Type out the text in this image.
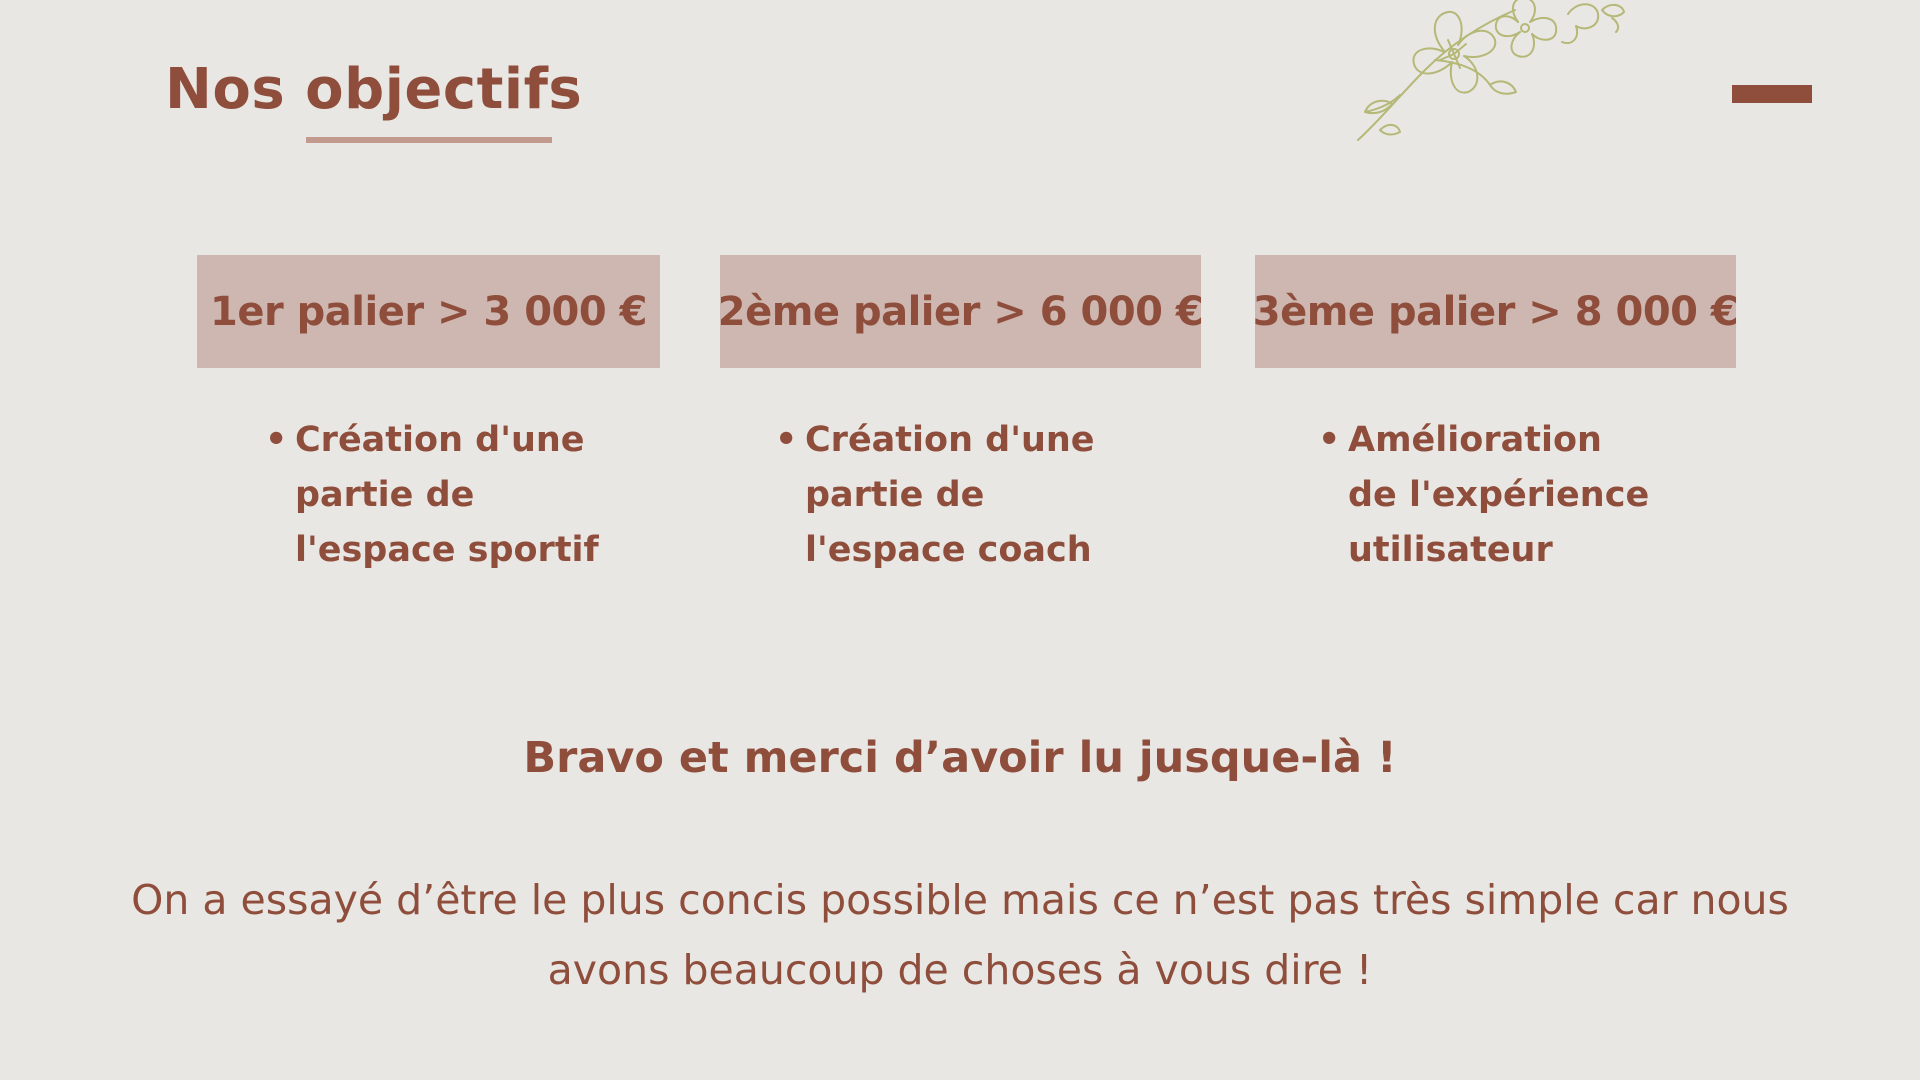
Nos objectifs
1er palier > 3 000 € 2ème palier > 6 000 € 3ème palier > 8 000 €
• Création d'une
partie de
l'espace sportif
• Création d'une
partie de
l'espace coach
• Amélioration
de l'expérience
utilisateur

Bravo et merci d’avoir lu jusque-là !

On a essayé d’être le plus concis possible mais ce n’est pas très simple car nous avons beaucoup de choses à vous dire !
